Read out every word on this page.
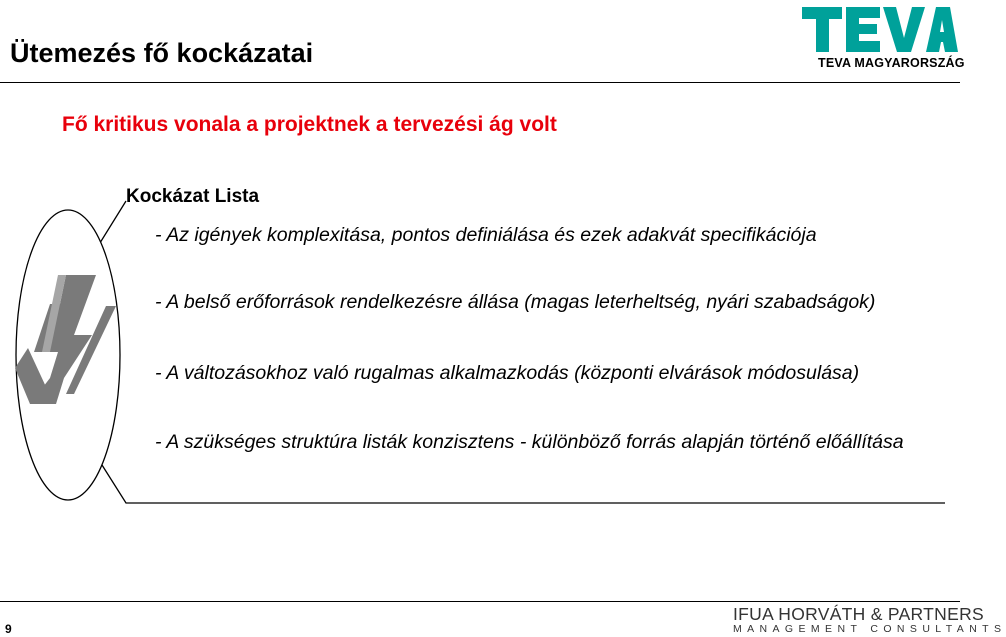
Ütemezés fő kockázatai	TEVA MAGYARORSZÁG
Fő kritikus vonala a projektnek a tervezési ág volt
Kockázat Lista
- Az igények komplexitása, pontos definiálása és ezek adakvát specifikációja
- A belső erőforrások rendelkezésre állása (magas leterheltség, nyári szabadságok)
- A változásokhoz való rugalmas alkalmazkodás (központi elvárások módosulása)
- A szükséges struktúra listák konzisztens - különböző forrás alapján történő előállítása
9
IFUA HORVÁTH & PARTNERS
MANAGEMENT CONSULTANTS
